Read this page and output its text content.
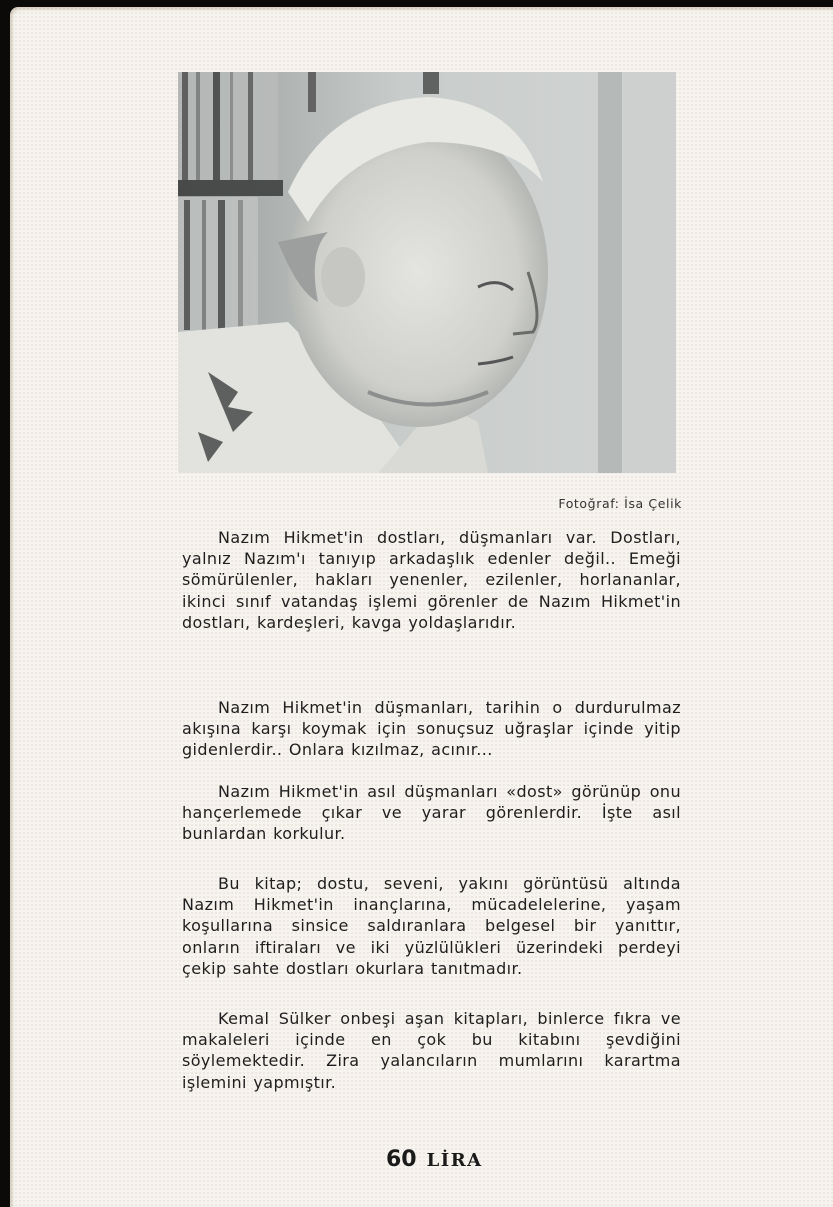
Fotoğraf: İsa Çelik

Nazım Hikmet'in dostları, düşmanları var. Dostları, yalnız Nazım'ı tanıyıp arkadaşlık edenler değil.. Emeği sömürülenler, hakları yenenler, ezilenler, horlananlar, ikinci sınıf vatandaş işlemi görenler de Nazım Hikmet'in dostları, kardeşleri, kavga yoldaşlarıdır.

Nazım Hikmet'in düşmanları, tarihin o durdurulmaz akışına karşı koymak için sonuçsuz uğraşlar içinde yitip gidenlerdir.. Onlara kızılmaz, acınır...

Nazım Hikmet'in asıl düşmanları «dost» görünüp onu hançerlemede çıkar ve yarar görenlerdir. İşte asıl bunlardan korkulur.

Bu kitap; dostu, seveni, yakını görüntüsü altında Nazım Hikmet'in inançlarına, mücadelelerine, yaşam koşullarına sinsice saldıranlara belgesel bir yanıttır, onların iftiraları ve iki yüzlülükleri üzerindeki perdeyi çekip sahte dostları okurlara tanıtmadır.

Kemal Sülker onbeşi aşan kitapları, binlerce fıkra ve makaleleri içinde en çok bu kitabını şevdiğini söylemektedir. Zira yalancıların mumlarını karartma işlemini yapmıştır.

60 LİRA
